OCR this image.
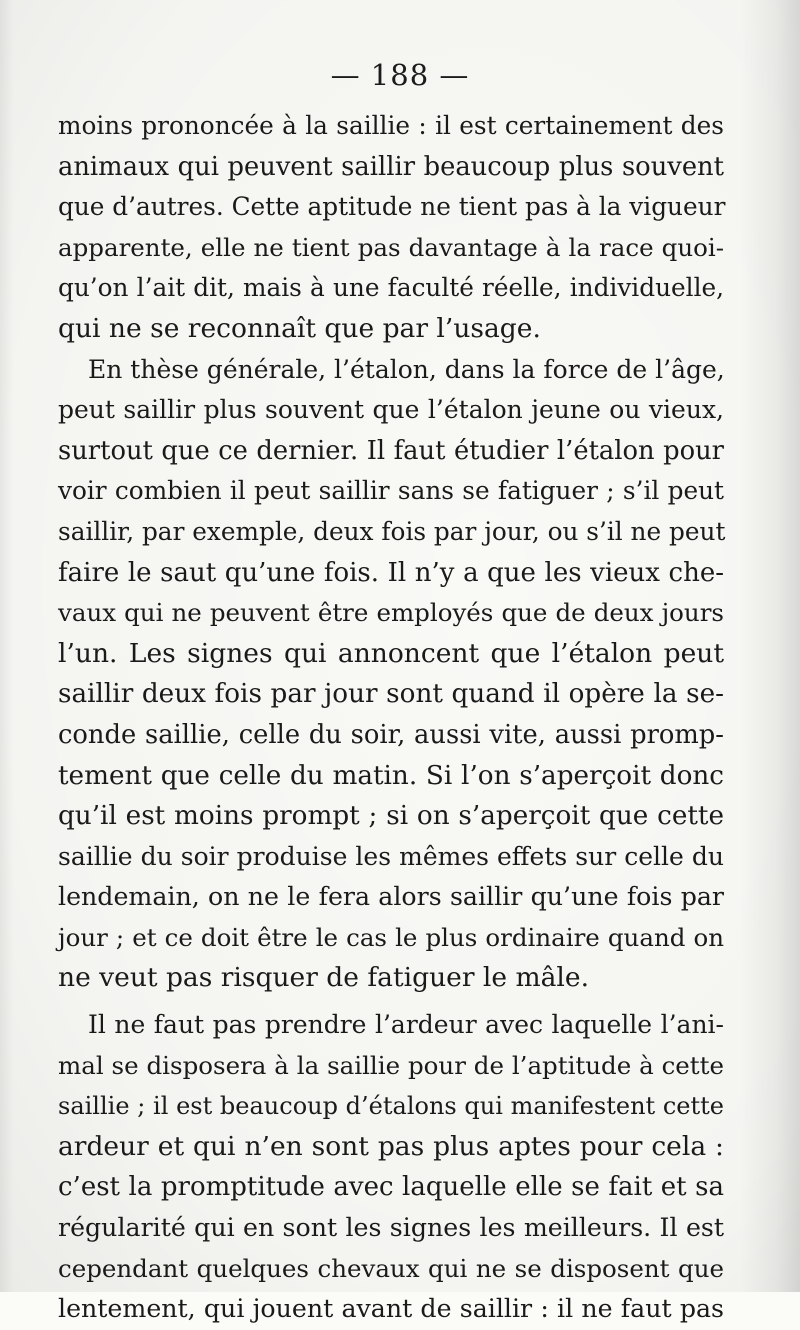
— 188 —
moins prononcée à la saillie : il est certainement des
animaux qui peuvent saillir beaucoup plus souvent
que d’autres. Cette aptitude ne tient pas à la vigueur
apparente, elle ne tient pas davantage à la race quoi-
qu’on l’ait dit, mais à une faculté réelle, individuelle,
qui ne se reconnaît que par l’usage.
En thèse générale, l’étalon, dans la force de l’âge,
peut saillir plus souvent que l’étalon jeune ou vieux,
surtout que ce dernier. Il faut étudier l’étalon pour
voir combien il peut saillir sans se fatiguer ; s’il peut
saillir, par exemple, deux fois par jour, ou s’il ne peut
faire le saut qu’une fois. Il n’y a que les vieux che-
vaux qui ne peuvent être employés que de deux jours
l’un. Les signes qui annoncent que l’étalon peut
saillir deux fois par jour sont quand il opère la se-
conde saillie, celle du soir, aussi vite, aussi promp-
tement que celle du matin. Si l’on s’aperçoit donc
qu’il est moins prompt ; si on s’aperçoit que cette
saillie du soir produise les mêmes effets sur celle du
lendemain, on ne le fera alors saillir qu’une fois par
jour ; et ce doit être le cas le plus ordinaire quand on
ne veut pas risquer de fatiguer le mâle.
Il ne faut pas prendre l’ardeur avec laquelle l’ani-
mal se disposera à la saillie pour de l’aptitude à cette
saillie ; il est beaucoup d’étalons qui manifestent cette
ardeur et qui n’en sont pas plus aptes pour cela :
c’est la promptitude avec laquelle elle se fait et sa
régularité qui en sont les signes les meilleurs. Il est
cependant quelques chevaux qui ne se disposent que
lentement, qui jouent avant de saillir : il ne faut pas
